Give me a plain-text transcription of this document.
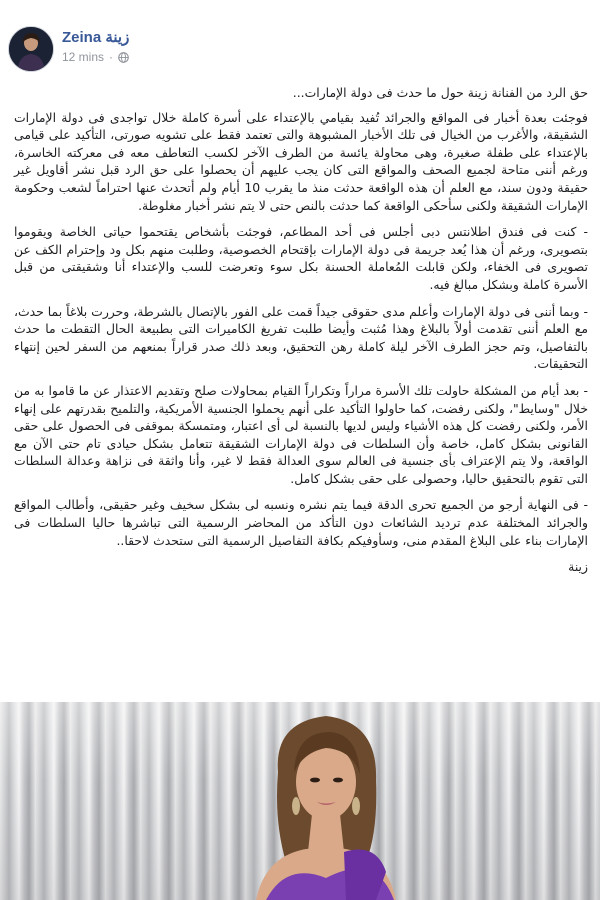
Zeina زينة
12 mins ·

حق الرد من الفنانة زينة حول ما حدث فى دولة الإمارات...

فوجئت بعدة أخبار فى المواقع والجرائد تُفيد بقيامي بالإعتداء على أسرة كاملة خلال تواجدى فى دولة الإمارات الشقيقة، والأغرب من الخيال فى تلك الأخبار المشبوهة والتى تعتمد فقط على تشويه صورتى، التأكيد على قيامى بالإعتداء على طفلة صغيرة، وهى محاولة يائسة من الطرف الآخر لكسب التعاطف معه فى معركته الخاسرة، ورغم أننى متاحة لجميع الصحف والمواقع التى كان يجب عليهم أن يحصلوا على حق الرد قبل نشر أقاويل غير حقيقة ودون سند، مع العلم أن هذه الواقعة حدثت منذ ما يقرب 10 أيام ولم أتحدث عنها احتراماً لشعب وحكومة الإمارات الشقيقة ولكنى سأحكى الواقعة كما حدثت بالنص حتى لا يتم نشر أخبار مغلوطة.

- كنت فى فندق اطلانتس دبى أجلس فى أحد المطاعم، فوجئت بأشخاص يقتحموا حياتى الخاصة ويقوموا بتصويرى، ورغم أن هذا يُعد جريمة فى دولة الإمارات بإقتحام الخصوصية، وطلبت منهم بكل ود وإحترام الكف عن تصويرى فى الخفاء، ولكن قابلت المُعاملة الحسنة بكل سوء وتعرضت للسب والإعتداء أنا وشقيقتى من قبل الأسرة كاملة وبشكل مبالغ فيه.

- وبما أننى فى دولة الإمارات وأعلم مدى حقوقى جيداً قمت على الفور بالإتصال بالشرطة، وحررت بلاغاً بما حدث، مع العلم أننى تقدمت أولاً بالبلاغ وهذا مُثبت وأيضا طلبت تفريغ الكاميرات التى بطبيعة الحال التقطت ما حدث بالتفاصيل، وتم حجز الطرف الآخر ليلة كاملة رهن التحقيق، وبعد ذلك صدر قراراً بمنعهم من السفر لحين إنتهاء التحقيقات.

- بعد أيام من المشكلة حاولت تلك الأسرة مراراً وتكراراً القيام بمحاولات صلح وتقديم الاعتذار عن ما قاموا به من خلال "وسايط"، ولكنى رفضت، كما حاولوا التأكيد على أنهم يحملوا الجنسية الأمريكية، والتلميح بقدرتهم على إنهاء الأمر، ولكنى رفضت كل هذه الأشياء وليس لديها بالنسبة لى أى اعتبار، ومتمسكة بموقفى فى الحصول على حقى القانونى بشكل كامل، خاصة وأن السلطات فى دولة الإمارات الشقيقة تتعامل بشكل حيادى تام حتى الآن مع الواقعة، ولا يتم الإعتراف بأى جنسية فى العالم سوى العدالة فقط لا غير، وأنا واثقة فى نزاهة وعدالة السلطات التى تقوم بالتحقيق حاليا، وحصولى على حقى بشكل كامل.

- فى النهاية أرجو من الجميع تحرى الدقة فيما يتم نشره ونسبه لى بشكل سخيف وغير حقيقى، وأطالب المواقع والجرائد المختلفة عدم ترديد الشائعات دون التأكد من المحاضر الرسمية التى تباشرها حاليا السلطات فى الإمارات بناء على البلاغ المقدم منى، وسأوفيكم بكافة التفاصيل الرسمية التى ستحدث لاحقا..

زينة
